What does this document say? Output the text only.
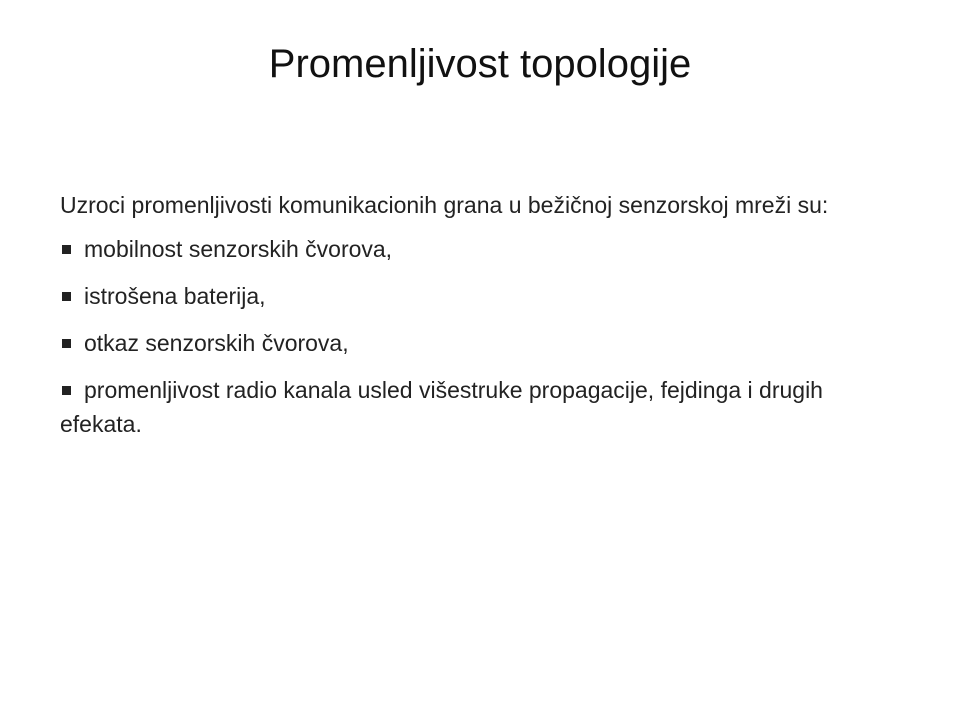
Promenljivost topologije

Uzroci promenljivosti komunikacionih grana u bežičnoj senzorskoj mreži su:

mobilnost senzorskih čvorova,
istrošena baterija,
otkaz senzorskih čvorova,
promenljivost radio kanala usled višestruke propagacije, fejdinga i drugih efekata.
